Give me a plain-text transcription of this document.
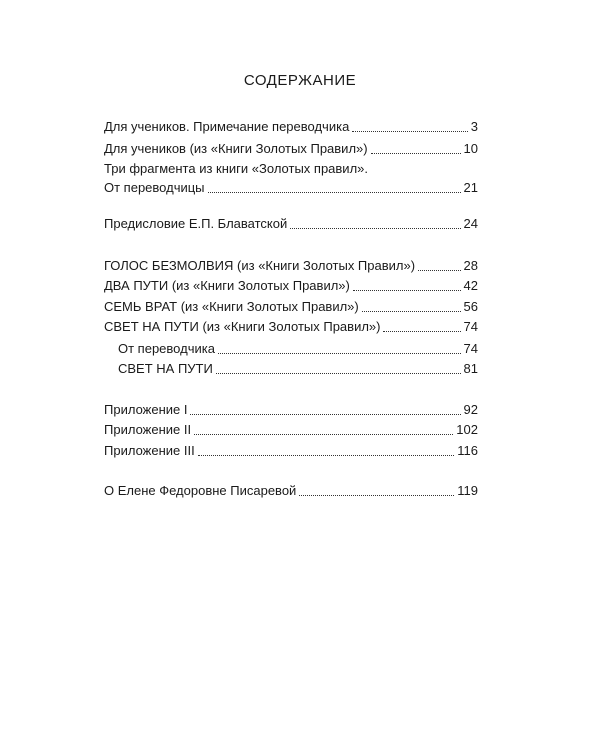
СОДЕРЖАНИЕ
Для учеников. Примечание переводчика	3
Для учеников (из «Книги Золотых Правил»)	10
Три фрагмента из книги «Золотых правил».
От переводчицы	21
Предисловие Е.П. Блаватской	24
ГОЛОС БЕЗМОЛВИЯ (из «Книги Золотых Правил»)	28
ДВА ПУТИ (из «Книги Золотых Правил»)	42
СЕМЬ ВРАТ (из «Книги Золотых Правил»)	56
СВЕТ НА ПУТИ (из «Книги Золотых Правил»)	74
От переводчика	74
СВЕТ НА ПУТИ	81
Приложение I	92
Приложение II	102
Приложение III	116
О Елене Федоровне Писаревой	119
